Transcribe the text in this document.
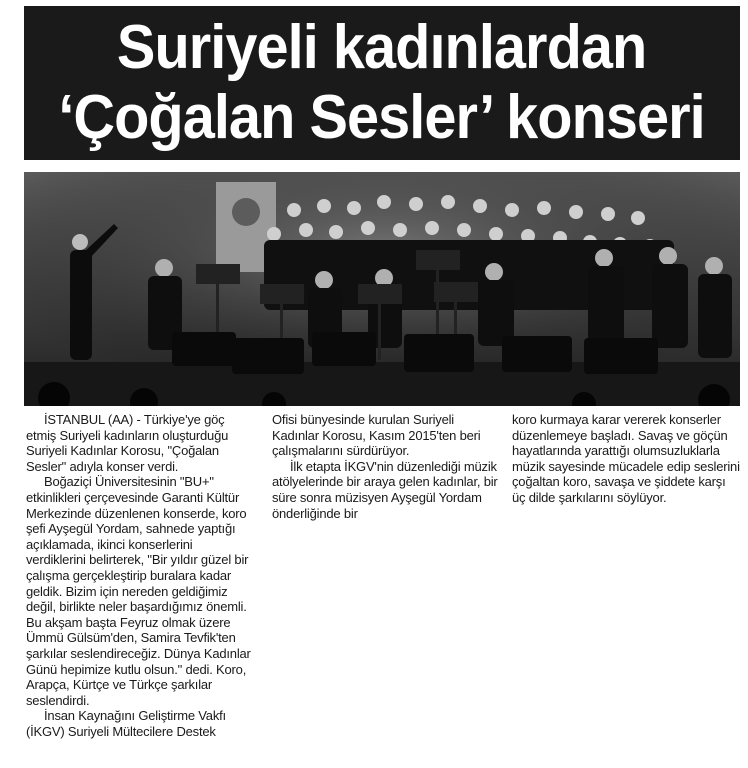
Suriyeli kadınlardan
‘Çoğalan Sesler’ konseri

İSTANBUL (AA) - Türkiye'ye göç etmiş Suriyeli kadınların oluşturduğu Suriyeli Kadınlar Korosu, "Çoğalan Sesler" adıyla konser verdi.

Boğaziçi Üniversitesinin "BU+" etkinlikleri çerçevesinde Garanti Kültür Merkezinde düzenlenen konserde, koro şefi Ayşegül Yordam, sahnede yaptığı açıklamada, ikinci konserlerini verdiklerini belirterek, "Bir yıldır güzel bir çalışma gerçekleştirip buralara kadar geldik. Bizim için nereden geldiğimiz değil, birlikte neler başardığımız önemli. Bu akşam başta Feyruz olmak üzere Ümmü Gülsüm'den, Samira Tevfik'ten şarkılar seslendireceğiz. Dünya Kadınlar Günü hepimize kutlu olsun." dedi. Koro, Arapça, Kürtçe ve Türkçe şarkılar seslendirdi.

İnsan Kaynağını Geliştirme Vakfı (İKGV) Suriyeli Mültecilere Destek

Ofisi bünyesinde kurulan Suriyeli Kadınlar Korosu, Kasım 2015'ten beri çalışmalarını sürdürüyor.

İlk etapta İKGV'nin düzenlediği müzik atölyelerinde bir araya gelen kadınlar, bir süre sonra müzisyen Ayşegül Yordam önderliğinde bir

koro kurmaya karar vererek konserler düzenlemeye başladı. Savaş ve göçün hayatlarında yarattığı olumsuzluklarla müzik sayesinde mücadele edip seslerini çoğaltan koro, savaşa ve şiddete karşı üç dilde şarkılarını söylüyor.
